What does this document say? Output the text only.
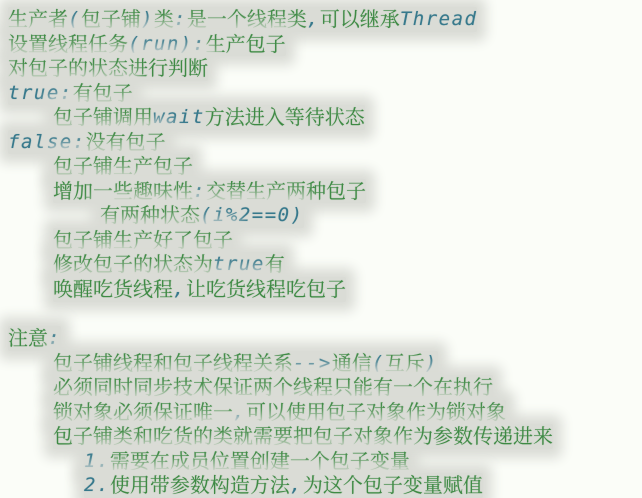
生产者(包子铺)类:是一个线程类,可以继承Thread
设置线程任务(run):生产包子
对包子的状态进行判断
true:有包子
包子铺调用wait方法进入等待状态
false:没有包子
包子铺生产包子
增加一些趣味性:交替生产两种包子
有两种状态(i%2==0)
包子铺生产好了包子
修改包子的状态为true有
唤醒吃货线程,让吃货线程吃包子
注意:
包子铺线程和包子线程关系-->通信(互斥)
必须同时同步技术保证两个线程只能有一个在执行
锁对象必须保证唯一,可以使用包子对象作为锁对象
包子铺类和吃货的类就需要把包子对象作为参数传递进来
1.需要在成员位置创建一个包子变量
2.使用带参数构造方法,为这个包子变量赋值
